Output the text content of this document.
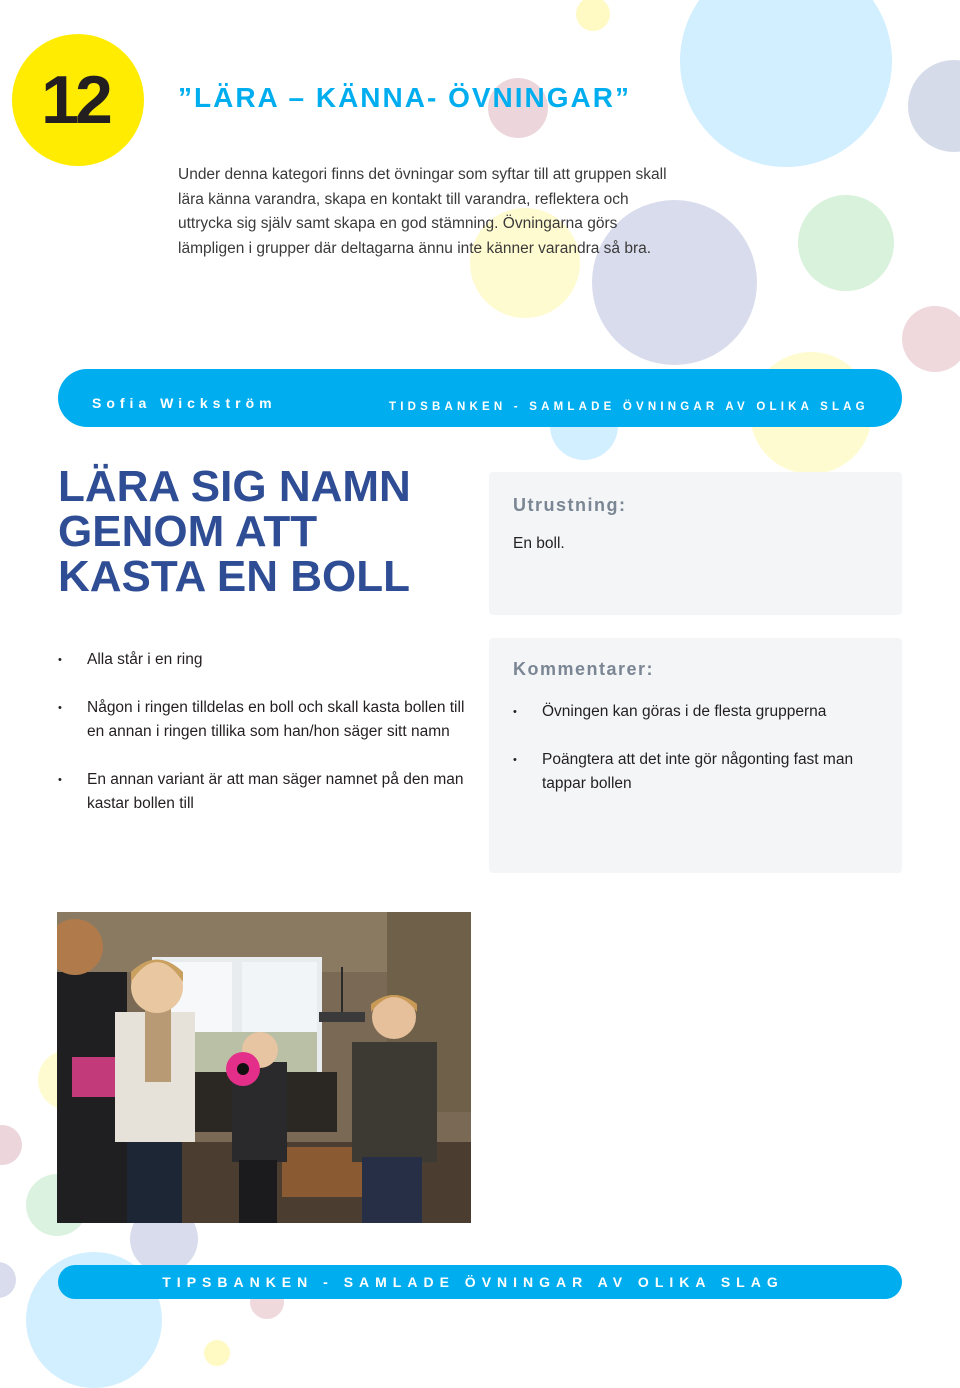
12 ”LÄRA – KÄNNA- ÖVNINGAR”

Under denna kategori finns det övningar som syftar till att gruppen skall lära känna varandra, skapa en kontakt till varandra, reflektera och uttrycka sig själv samt skapa en god stämning. Övningarna görs lämpligen i grupper där deltagarna ännu inte känner varandra så bra.

Sofia Wickström	TIDSBANKEN - SAMLADE ÖVNINGAR AV OLIKA SLAG
LÄRA SIG NAMN
GENOM ATT
KASTA EN BOLL
Utrustning:
En boll.
• Alla står i en ring
• Någon i ringen tilldelas en boll och skall kasta bollen till en annan i ringen tillika som han/hon säger sitt namn
• En annan variant är att man säger namnet på den man kastar bollen till
Kommentarer:
• Övningen kan göras i de flesta grupperna
• Poängtera att det inte gör någonting fast man tappar bollen
TIPSBANKEN - SAMLADE ÖVNINGAR AV OLIKA SLAG
